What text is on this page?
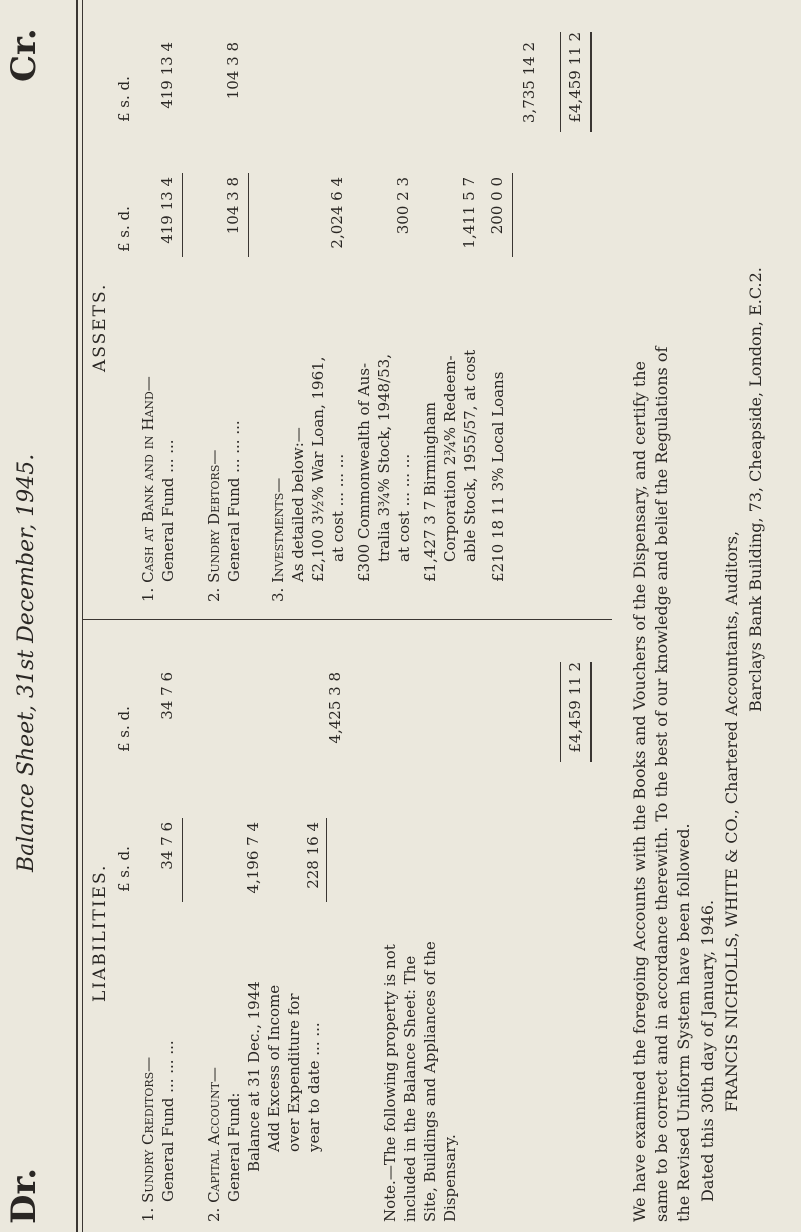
Dr.
Balance Sheet, 31st December, 1945.
Cr.
LIABILITIES. £ s. d.
£ s. d.
1. Sundry Creditors— General Fund ... ... ...
34 7 6
34 7 6
2. Capital Account— General Fund: Balance at 31 Dec., 1944
4,196 7 4
Add Excess of Income over Expenditure for year to date ... ...
228 16 4
4,425 3 8
Note.—The following property is not included in the Balance Sheet: The Site, Buildings and Appliances of the Dispensary.
£4,459 11 2
ASSETS.
£ s. d.
£ s. d.
1. Cash at Bank and in Hand— General Fund ... ...
419 13 4
419 13 4
2. Sundry Debtors— General Fund ... ... ...
104 3 8
104 3 8
3. Investments— As detailed below:— £2,100 3½% War Loan, 1961, at cost ... ... ...
2,024 6 4
£300 Commonwealth of Aus- tralia 3¾% Stock, 1948/53, at cost ... ... ...
300 2 3
£1,427 3 7 Birmingham Corporation 2¾% Redeem- able Stock, 1955/57, at cost
1,411 5 7
£210 18 11 3% Local Loans
200 0 0
3,735 14 2 £4,459 11 2
We have examined the foregoing Accounts with the Books and Vouchers of the Dispensary, and certify the same to be correct and in accordance therewith. To the best of our knowledge and belief the Regulations of the Revised Uniform System have been followed. Dated this 30th day of January, 1946. FRANCIS NICHOLLS, WHITE & CO., Chartered Accountants, Auditors,
Barclays Bank Building, 73, Cheapside, London, E.C.2.
